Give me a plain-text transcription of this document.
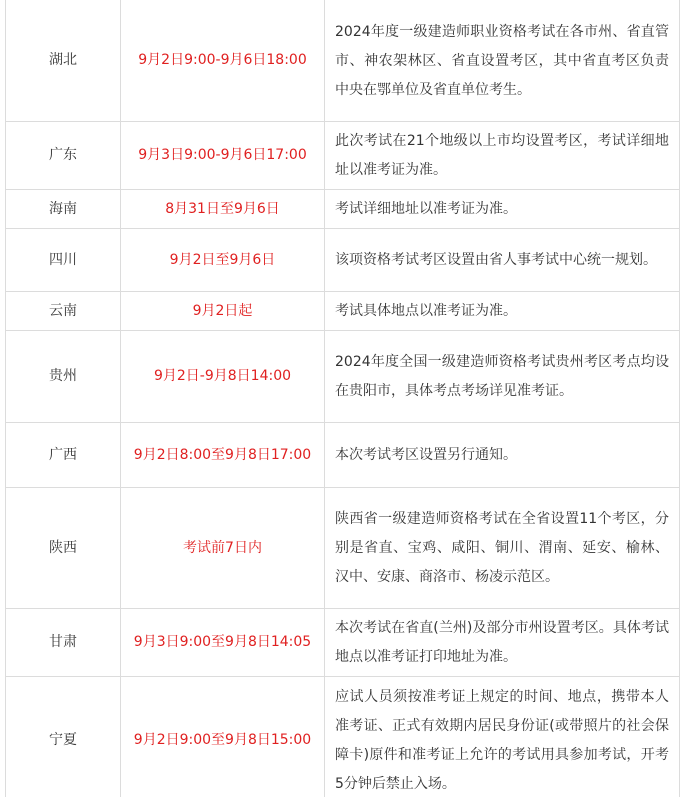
湖北	9月2日9:00-9月6日18:00	2024年度一级建造师职业资格考试在各市州、省直管市、神农架林区、省直设置考区，其中省直考区负责中央在鄂单位及省直单位考生。
广东	9月3日9:00-9月6日17:00	此次考试在21个地级以上市均设置考区，考试详细地址以准考证为准。
海南	8月31日至9月6日	考试详细地址以准考证为准。
四川	9月2日至9月6日	该项资格考试考区设置由省人事考试中心统一规划。
云南	9月2日起	考试具体地点以准考证为准。
贵州	9月2日-9月8日14:00	2024年度全国一级建造师资格考试贵州考区考点均设在贵阳市，具体考点考场详见准考证。
广西	9月2日8:00至9月8日17:00	本次考试考区设置另行通知。
陕西	考试前7日内	陕西省一级建造师资格考试在全省设置11个考区，分别是省直、宝鸡、咸阳、铜川、渭南、延安、榆林、汉中、安康、商洛市、杨凌示范区。
甘肃	9月3日9:00至9月8日14:05	本次考试在省直(兰州)及部分市州设置考区。具体考试地点以准考证打印地址为准。
宁夏	9月2日9:00至9月8日15:00	应试人员须按准考证上规定的时间、地点，携带本人准考证、正式有效期内居民身份证(或带照片的社会保障卡)原件和准考证上允许的考试用具参加考试，开考5分钟后禁止入场。
